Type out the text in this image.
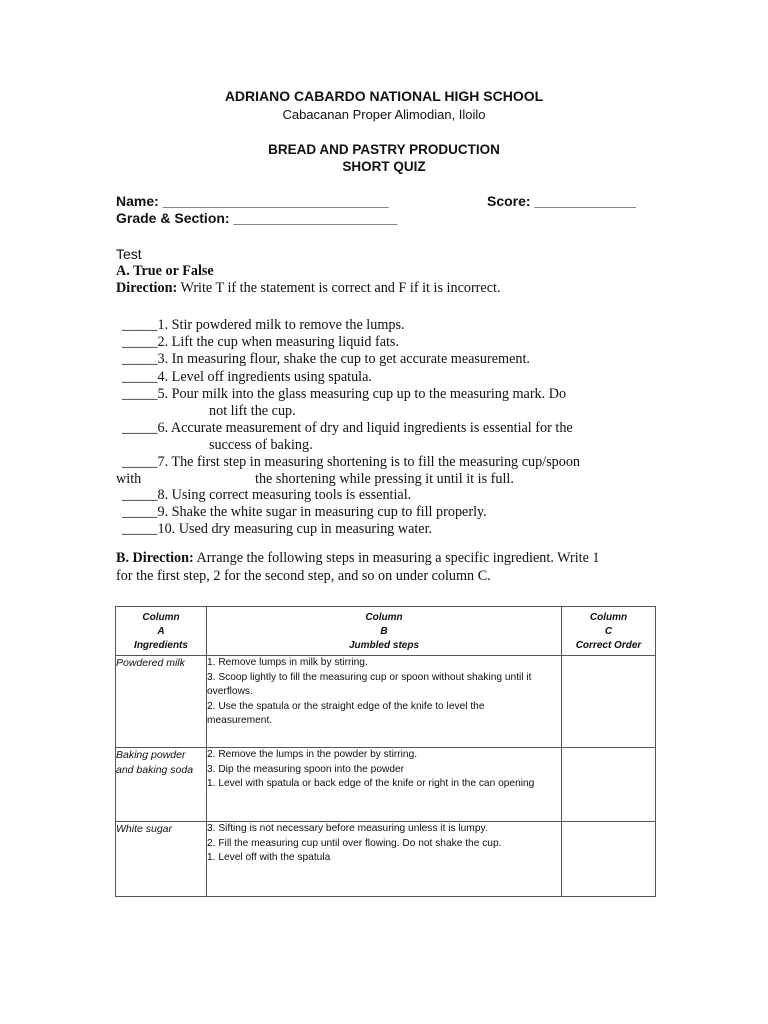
ADRIANO CABARDO NATIONAL HIGH SCHOOL
Cabacanan Proper Alimodian, Iloilo
BREAD AND PASTRY PRODUCTION
SHORT QUIZ
Name: _____________________________	Score: _____________
Grade & Section: _____________________
Test
A. True or False
Direction: Write T if the statement is correct and F if it is incorrect.
_____1. Stir powdered milk to remove the lumps.
_____2. Lift the cup when measuring liquid fats.
_____3. In measuring flour, shake the cup to get accurate measurement.
_____4. Level off ingredients using spatula.
_____5. Pour milk into the glass measuring cup up to the measuring mark. Do
not lift the cup.
_____6. Accurate measurement of dry and liquid ingredients is essential for the
success of baking.
_____7. The first step in measuring shortening is to fill the measuring cup/spoon
with	the shortening while pressing it until it is full.
_____8. Using correct measuring tools is essential.
_____9. Shake the white sugar in measuring cup to fill properly.
_____10. Used dry measuring cup in measuring water.
B. Direction: Arrange the following steps in measuring a specific ingredient. Write 1
for the first step, 2 for the second step, and so on under column C.
Column
A
Ingredients	Column
B
Jumbled steps	Column
C
Correct Order

Powdered milk	1. Remove lumps in milk by stirring.
3. Scoop lightly to fill the measuring cup or spoon without shaking until it
overflows.
2. Use the spatula or the straight edge of the knife to level the
measurement.	

Baking powder
and baking soda	2. Remove the lumps in the powder by stirring.
3. Dip the measuring spoon into the powder
1. Level with spatula or back edge of the knife or right in the can opening	

White sugar	3. Sifting is not necessary before measuring unless it is lumpy.
2. Fill the measuring cup until over flowing. Do not shake the cup.
1. Level off with the spatula	
